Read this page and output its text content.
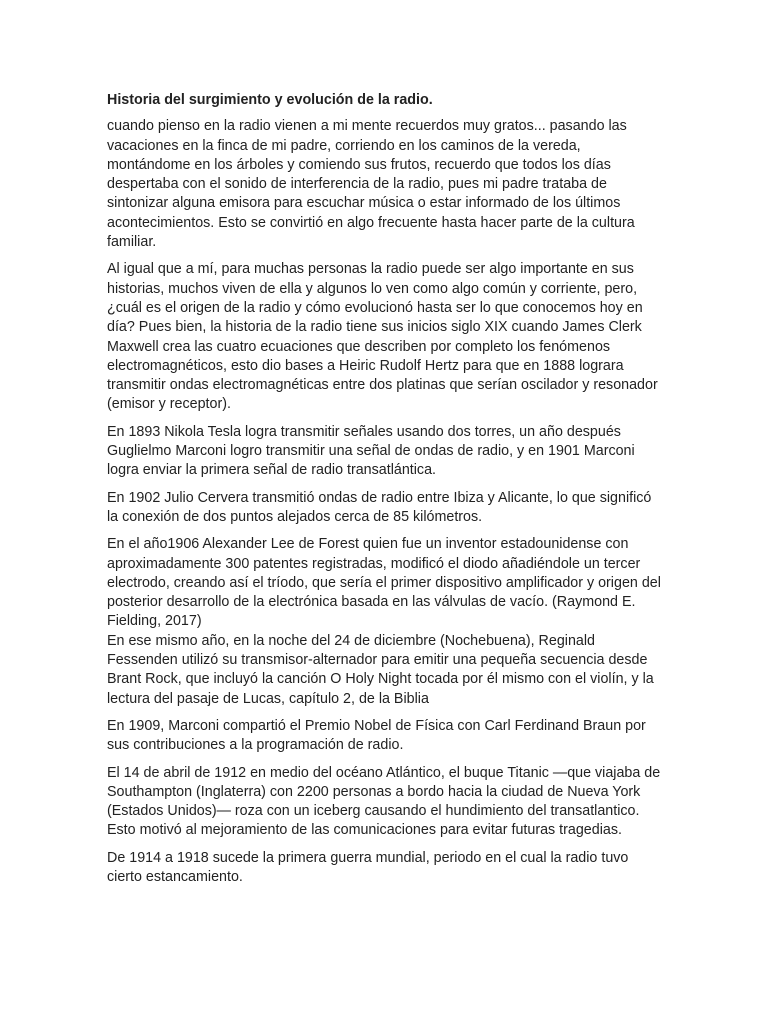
Historia del surgimiento y evolución de la radio.

cuando pienso en la radio vienen a mi mente recuerdos muy gratos... pasando las vacaciones en la finca de mi padre, corriendo en los caminos de la vereda, montándome en los árboles y comiendo sus frutos, recuerdo que todos los días despertaba con el sonido de interferencia de la radio, pues mi padre trataba de sintonizar alguna emisora para escuchar música o estar informado de los últimos acontecimientos. Esto se convirtió en algo frecuente hasta hacer parte de la cultura familiar.

Al igual que a mí, para muchas personas la radio puede ser algo importante en sus historias, muchos viven de ella y algunos lo ven como algo común y corriente, pero, ¿cuál es el origen de la radio y cómo evolucionó hasta ser lo que conocemos hoy en día? Pues bien, la historia de la radio tiene sus inicios siglo XIX cuando James Clerk Maxwell crea las cuatro ecuaciones que describen por completo los fenómenos electromagnéticos, esto dio bases a Heiric Rudolf Hertz para que en 1888 lograra transmitir ondas electromagnéticas entre dos platinas que serían oscilador y resonador (emisor y receptor).

En 1893 Nikola Tesla logra transmitir señales usando dos torres, un año después Guglielmo Marconi logro transmitir una señal de ondas de radio, y en 1901 Marconi logra enviar la primera señal de radio transatlántica.

En 1902 Julio Cervera transmitió ondas de radio entre Ibiza y Alicante, lo que significó la conexión de dos puntos alejados cerca de 85 kilómetros.

En el año1906 Alexander Lee de Forest quien fue un inventor estadounidense con aproximadamente 300 patentes registradas, modificó el diodo añadiéndole un tercer electrodo, creando así el tríodo, que sería el primer dispositivo amplificador y origen del posterior desarrollo de la electrónica basada en las válvulas de vacío. (Raymond E. Fielding, 2017)

En ese mismo año, en la noche del 24 de diciembre (Nochebuena), Reginald Fessenden utilizó su transmisor-alternador para emitir una pequeña secuencia desde Brant Rock, que incluyó la canción O Holy Night tocada por él mismo con el violín, y la lectura del pasaje de Lucas, capítulo 2, de la Biblia

En 1909, Marconi compartió el Premio Nobel de Física con Carl Ferdinand Braun por sus contribuciones a la programación de radio.

El 14 de abril de 1912 en medio del océano Atlántico, el buque Titanic —que viajaba de Southampton (Inglaterra) con 2200 personas a bordo hacia la ciudad de Nueva York (Estados Unidos)— roza con un iceberg causando el hundimiento del transatlantico. Esto motivó al mejoramiento de las comunicaciones para evitar futuras tragedias.

De 1914 a 1918 sucede la primera guerra mundial, periodo en el cual la radio tuvo cierto estancamiento.
